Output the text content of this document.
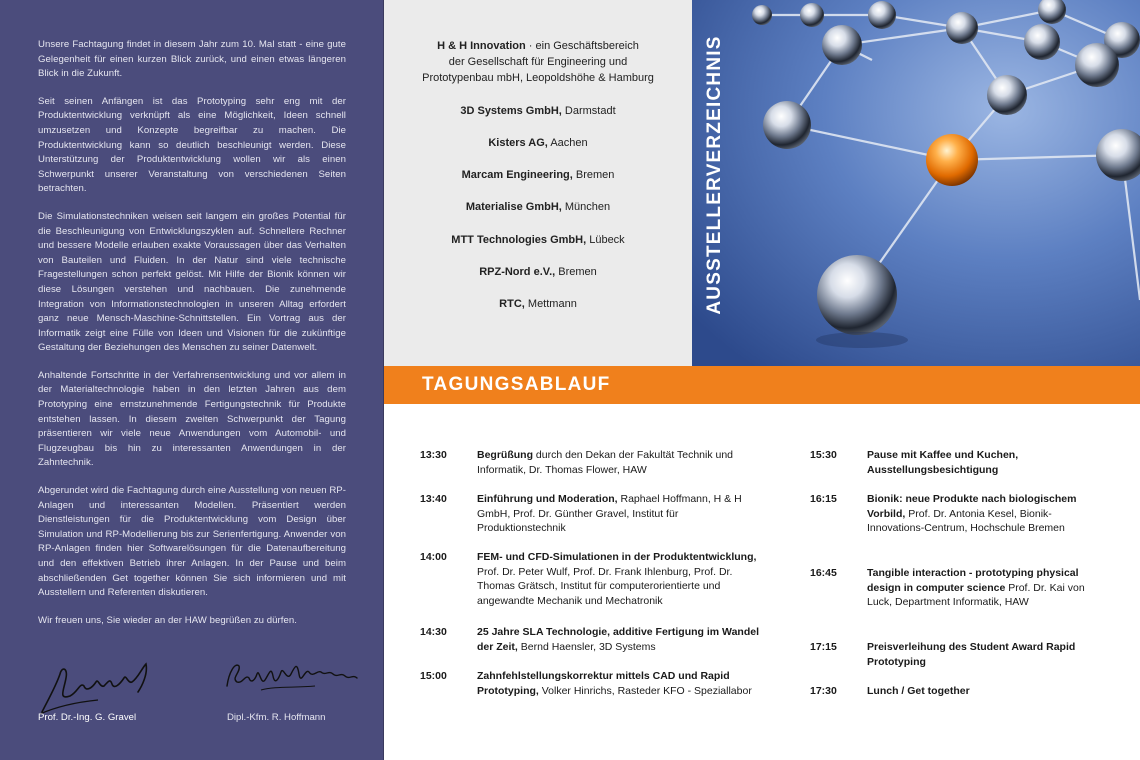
Unsere Fachtagung findet in diesem Jahr zum 10. Mal statt - eine gute Gelegenheit für einen kurzen Blick zurück, und einen etwas längeren Blick in die Zukunft.

Seit seinen Anfängen ist das Prototyping sehr eng mit der Produktentwicklung verknüpft als eine Möglichkeit, Ideen schnell umzusetzen und Konzepte begreifbar zu machen. Die Produktentwicklung kann so deutlich beschleunigt werden. Diese Unterstützung der Produktentwicklung wollen wir als einen Schwerpunkt unserer Veranstaltung von verschiedenen Seiten betrachten.

Die Simulationstechniken weisen seit langem ein großes Potential für die Beschleunigung von Entwicklungszyklen auf. Schnellere Rechner und bessere Modelle erlauben exakte Voraussagen über das Verhalten von Bauteilen und Fluiden. In der Natur sind viele technische Fragestellungen schon perfekt gelöst. Mit Hilfe der Bionik können wir diese Lösungen verstehen und nachbauen. Die zunehmende Integration von Informationstechnologien in unseren Alltag erfordert ganz neue Mensch-Maschine-Schnittstellen. Ein Vortrag aus der Informatik zeigt eine Fülle von Ideen und Visionen für die zukünftige Gestaltung der Beziehungen des Menschen zu seiner Datenwelt.

Anhaltende Fortschritte in der Verfahrensentwicklung und vor allem in der Materialtechnologie haben in den letzten Jahren aus dem Prototyping eine ernstzunehmende Fertigungstechnik für Produkte entstehen lassen. In diesem zweiten Schwerpunkt der Tagung präsentieren wir viele neue Anwendungen vom Automobil- und Flugzeugbau bis hin zu interessanten Anwendungen in der Zahntechnik.

Abgerundet wird die Fachtagung durch eine Ausstellung von neuen RP-Anlagen und interessanten Modellen. Präsentiert werden Dienstleistungen für die Produktentwicklung vom Design über Simulation und RP-Modellierung bis zur Serienfertigung. Anwender von RP-Anlagen finden hier Softwarelösungen für die Datenaufbereitung und den effektiven Betrieb ihrer Anlagen. In der Pause und beim abschließenden Get together können Sie sich informieren und mit Ausstellern und Referenten diskutieren.

Wir freuen uns, Sie wieder an der HAW begrüßen zu dürfen.

Prof. Dr.-Ing. G. Gravel	Dipl.-Kfm. R. Hoffmann
H & H Innovation · ein Geschäftsbereich
der Gesellschaft für Engineering und
Prototypenbau mbH, Leopoldshöhe & Hamburg
3D Systems GmbH, Darmstadt
Kisters AG, Aachen
Marcam Engineering, Bremen
Materialise GmbH, München
MTT Technologies GmbH, Lübeck
RPZ-Nord e.V., Bremen
RTC, Mettmann	AUSSTELLERVERZEICHNIS
TAGUNGSABLAUF
13:30	Begrüßung durch den Dekan der Fakultät Technik und Informatik, Dr. Thomas Flower, HAW
13:40	Einführung und Moderation, Raphael Hoffmann, H & H GmbH, Prof. Dr. Günther Gravel, Institut für Produktionstechnik
14:00	FEM- und CFD-Simulationen in der Produktentwicklung, Prof. Dr. Peter Wulf, Prof. Dr. Frank Ihlenburg, Prof. Dr. Thomas Grätsch, Institut für computerorientierte und angewandte Mechanik und Mechatronik
14:30	25 Jahre SLA Technologie, additive Fertigung im Wandel der Zeit, Bernd Haensler, 3D Systems
15:00	Zahnfehlstellungskorrektur mittels CAD und Rapid Prototyping, Volker Hinrichs, Rasteder KFO - Speziallabor
15:30	Pause mit Kaffee und Kuchen, Ausstellungsbesichtigung
16:15	Bionik: neue Produkte nach biologischem Vorbild, Prof. Dr. Antonia Kesel, Bionik-Innovations-Centrum, Hochschule Bremen
16:45	Tangible interaction - prototyping physical design in computer science Prof. Dr. Kai von Luck, Department Informatik, HAW
17:15	Preisverleihung des Student Award Rapid Prototyping
17:30	Lunch / Get together
